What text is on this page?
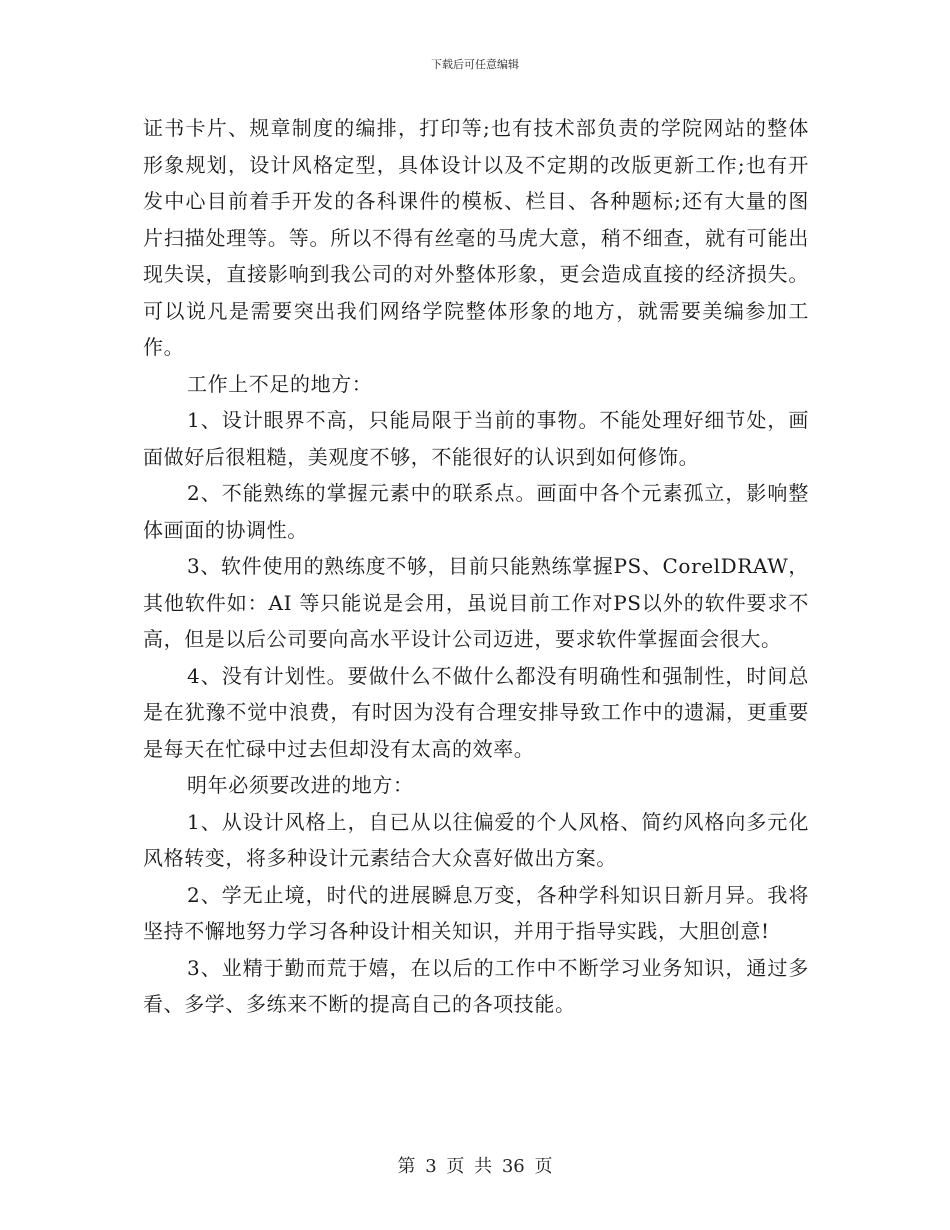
下载后可任意编辑

证书卡片、规章制度的编排，打印等;也有技术部负责的学院网站的整体形象规划，设计风格定型，具体设计以及不定期的改版更新工作;也有开发中心目前着手开发的各科课件的模板、栏目、各种题标;还有大量的图片扫描处理等。等。所以不得有丝毫的马虎大意，稍不细查，就有可能出现失误，直接影响到我公司的对外整体形象，更会造成直接的经济损失。可以说凡是需要突出我们网络学院整体形象的地方，就需要美编参加工作。

工作上不足的地方：

1、设计眼界不高，只能局限于当前的事物。不能处理好细节处，画面做好后很粗糙，美观度不够，不能很好的认识到如何修饰。

2、不能熟练的掌握元素中的联系点。画面中各个元素孤立，影响整体画面的协调性。

3、软件使用的熟练度不够，目前只能熟练掌握PS、CorelDRAW，其他软件如：AI 等只能说是会用，虽说目前工作对PS以外的软件要求不高，但是以后公司要向高水平设计公司迈进，要求软件掌握面会很大。

4、没有计划性。要做什么不做什么都没有明确性和强制性，时间总是在犹豫不觉中浪费，有时因为没有合理安排导致工作中的遗漏，更重要是每天在忙碌中过去但却没有太高的效率。

明年必须要改进的地方：

1、从设计风格上，自已从以往偏爱的个人风格、简约风格向多元化风格转变，将多种设计元素结合大众喜好做出方案。

2、学无止境，时代的进展瞬息万变，各种学科知识日新月异。我将坚持不懈地努力学习各种设计相关知识，并用于指导实践，大胆创意!

3、业精于勤而荒于嬉，在以后的工作中不断学习业务知识，通过多看、多学、多练来不断的提高自己的各项技能。

第 3 页 共 36 页
